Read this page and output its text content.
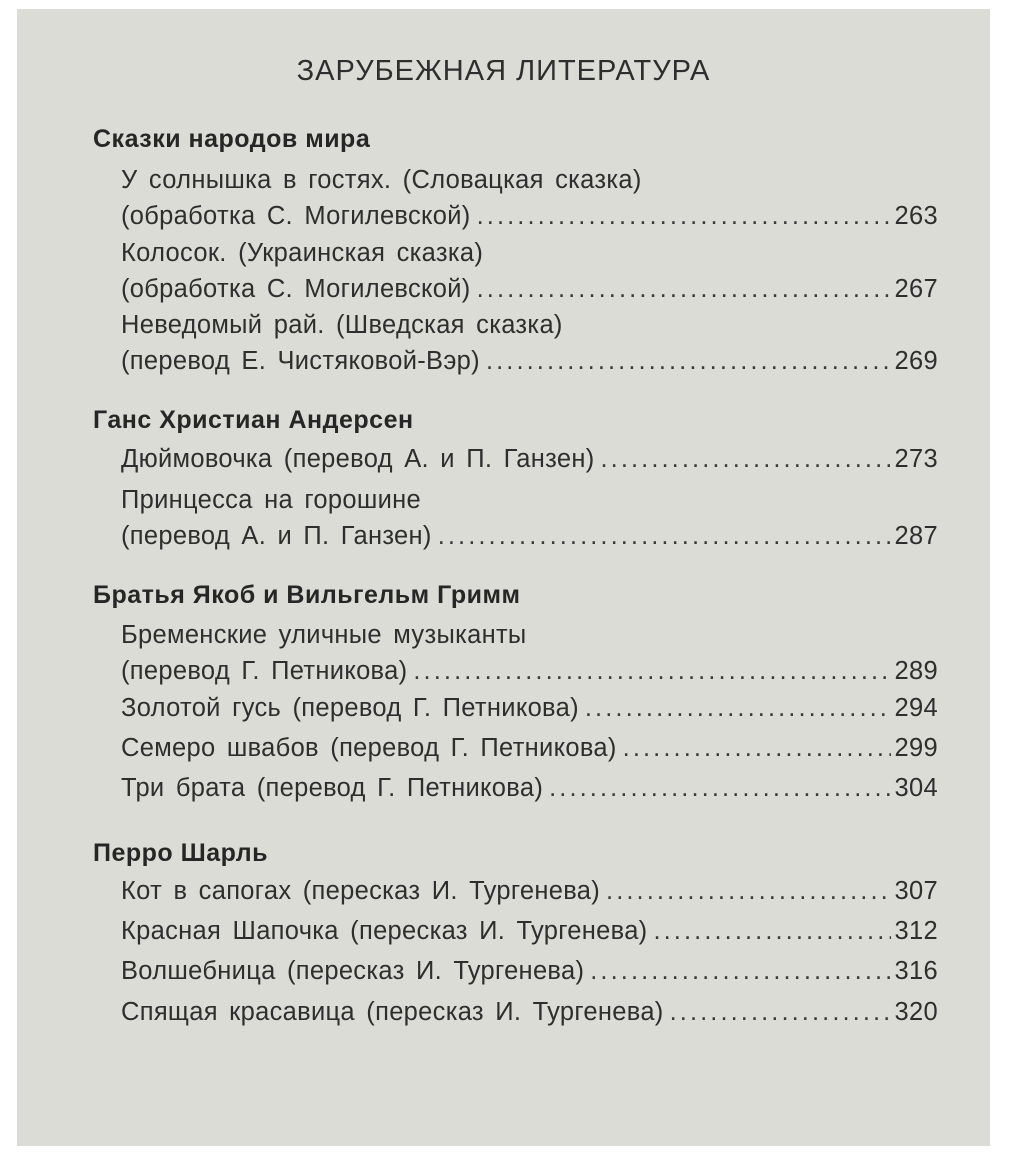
ЗАРУБЕЖНАЯ ЛИТЕРАТУРА
Сказки народов мира
У солнышка в гостях. (Словацкая сказка)
(обработка С. Могилевской) . . .	263
Колосок. (Украинская сказка)
(обработка С. Могилевской) . . .	267
Неведомый рай. (Шведская сказка)
(перевод Е. Чистяковой-Вэр) . . .	269
Ганс Христиан Андерсен
Дюймовочка (перевод А. и П. Ганзен) . . .	273
Принцесса на горошине
(перевод А. и П. Ганзен) . . .	287
Братья Якоб и Вильгельм Гримм
Бременские уличные музыканты
(перевод Г. Петникова) . . .	289
Золотой гусь (перевод Г. Петникова) . . .	294
Семеро швабов (перевод Г. Петникова) . . .	299
Три брата (перевод Г. Петникова) . . .	304
Перро Шарль
Кот в сапогах (пересказ И. Тургенева) . . .	307
Красная Шапочка (пересказ И. Тургенева) . . .	312
Волшебница (пересказ И. Тургенева) . . .	316
Спящая красавица (пересказ И. Тургенева) . . .	320
